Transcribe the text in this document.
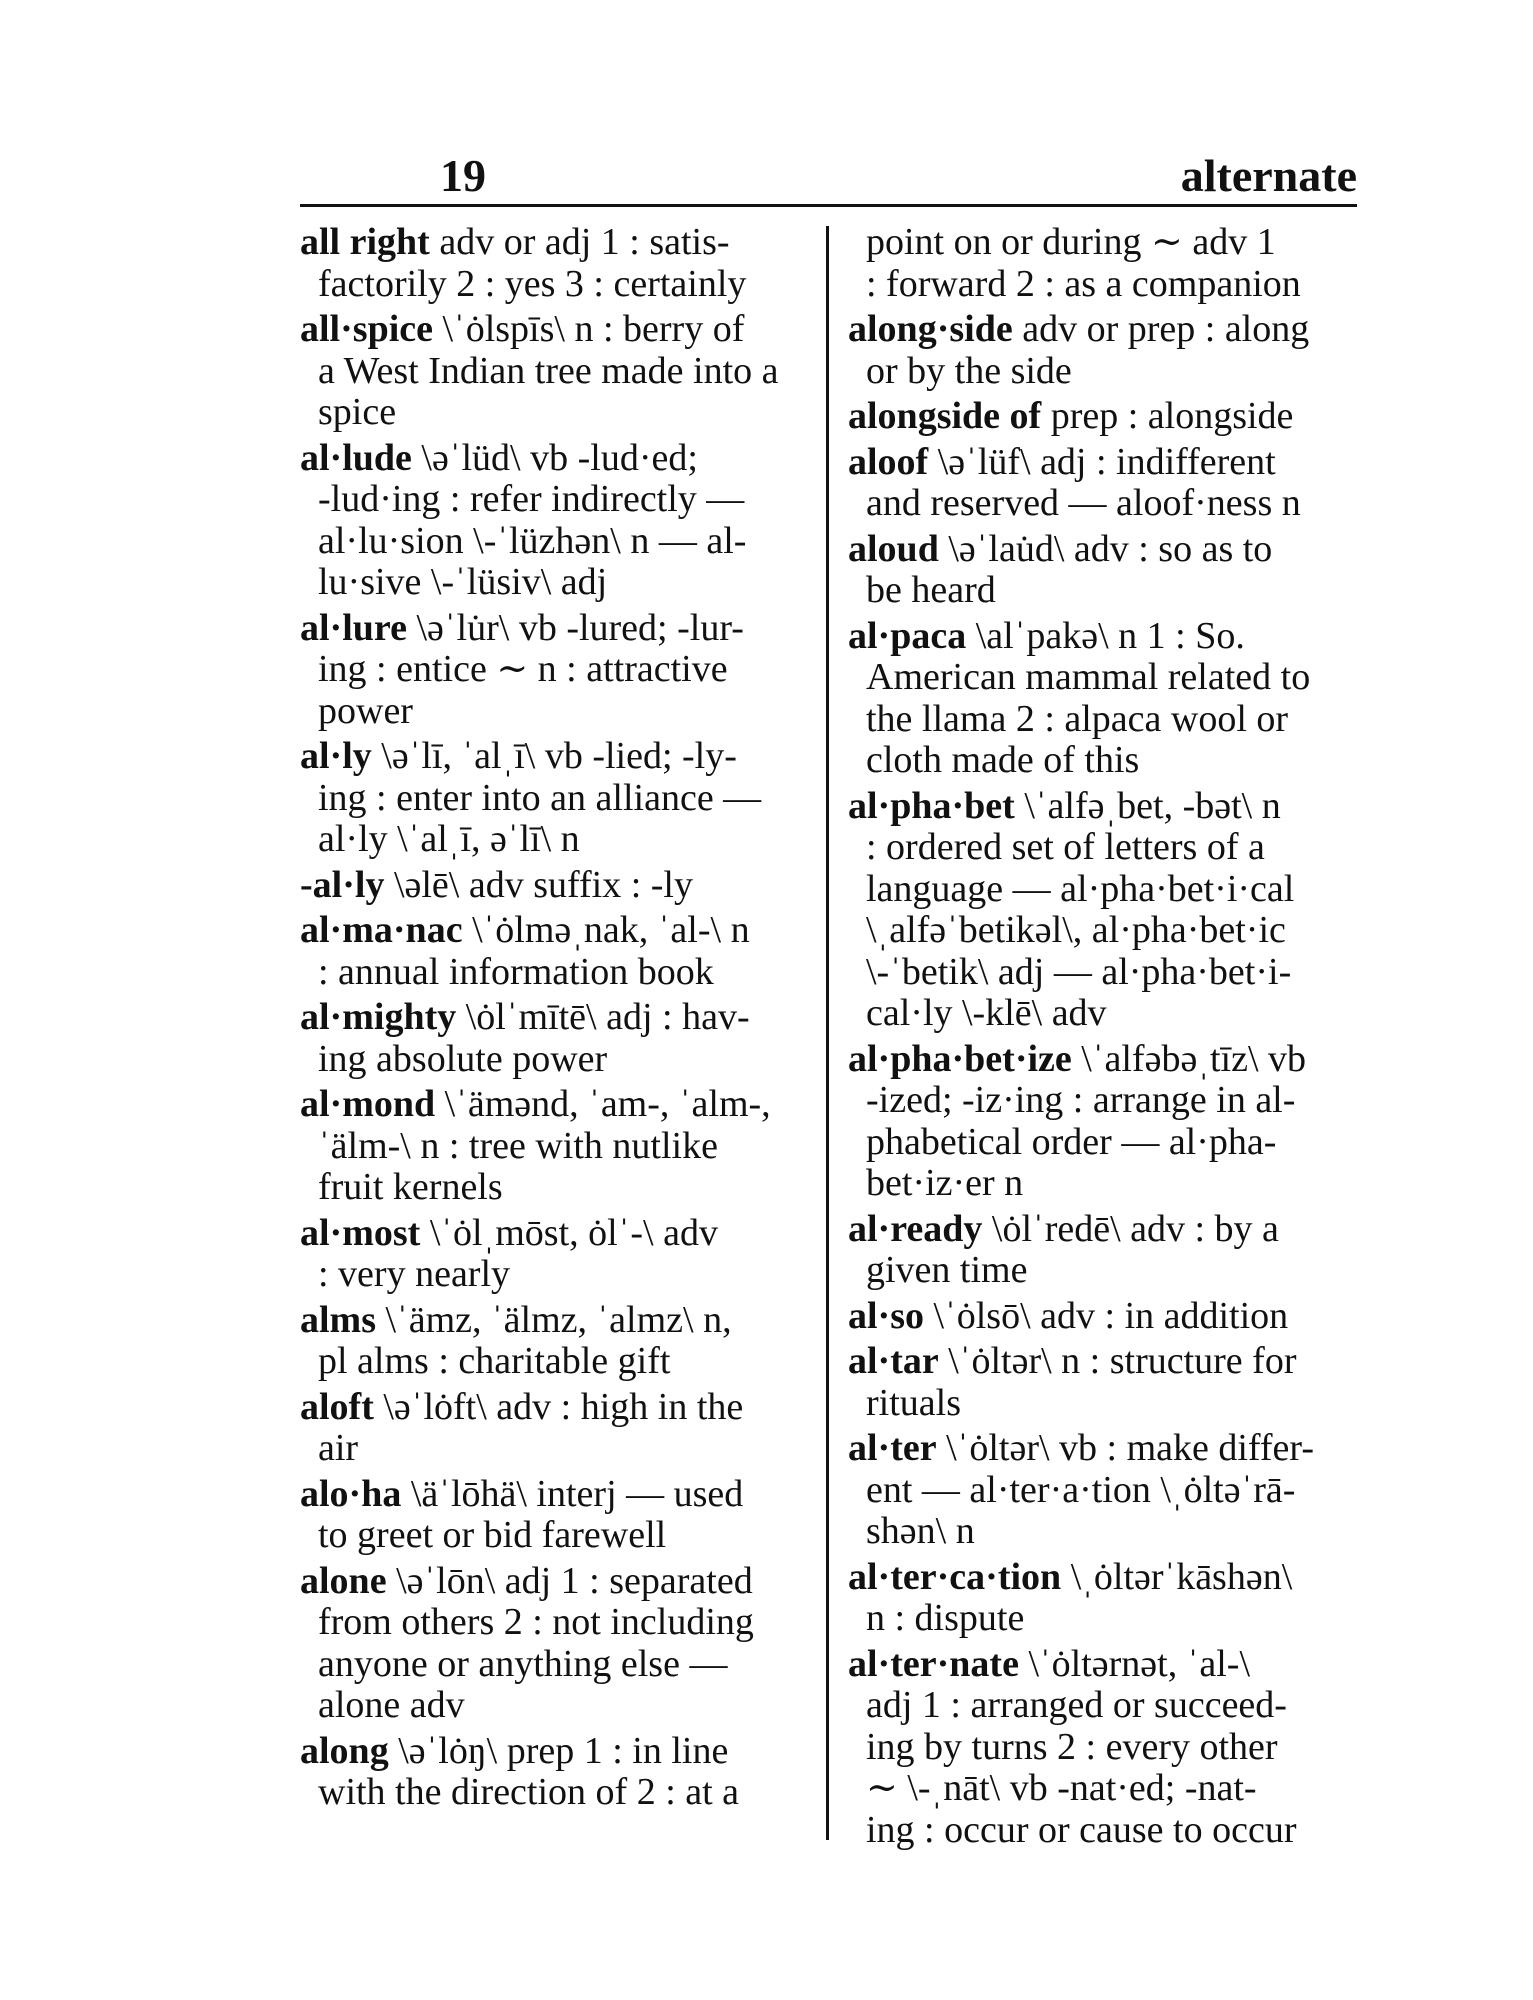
19	alternate
all right adv or adj 1 : satis-
factorily 2 : yes 3 : certainly
all·spice \ˈȯlspīs\ n : berry of
a West Indian tree made into a
spice
al·lude \əˈlüd\ vb -lud·ed;
-lud·ing : refer indirectly —
al·lu·sion \-ˈlüzhən\ n — al-
lu·sive \-ˈlüsiv\ adj
al·lure \əˈlu̇r\ vb -lured; -lur-
ing : entice ∼ n : attractive
power
al·ly \əˈlī, ˈalˌī\ vb -lied; -ly-
ing : enter into an alliance —
al·ly \ˈalˌī, əˈlī\ n
-al·ly \əlē\ adv suffix : -ly
al·ma·nac \ˈȯlməˌnak, ˈal-\ n
: annual information book
al·mighty \ȯlˈmītē\ adj : hav-
ing absolute power
al·mond \ˈämənd, ˈam-, ˈalm-,
ˈälm-\ n : tree with nutlike
fruit kernels
al·most \ˈȯlˌmōst, ȯlˈ-\ adv
: very nearly
alms \ˈämz, ˈälmz, ˈalmz\ n,
pl alms : charitable gift
aloft \əˈlȯft\ adv : high in the
air
alo·ha \äˈlōhä\ interj — used
to greet or bid farewell
alone \əˈlōn\ adj 1 : separated
from others 2 : not including
anyone or anything else —
alone adv
along \əˈlȯŋ\ prep 1 : in line
with the direction of 2 : at a
point on or during ∼ adv 1
: forward 2 : as a companion
along·side adv or prep : along
or by the side
alongside of prep : alongside
aloof \əˈlüf\ adj : indifferent
and reserved — aloof·ness n
aloud \əˈlau̇d\ adv : so as to
be heard
al·paca \alˈpakə\ n 1 : So.
American mammal related to
the llama 2 : alpaca wool or
cloth made of this
al·pha·bet \ˈalfəˌbet, -bət\ n
: ordered set of letters of a
language — al·pha·bet·i·cal
\ˌalfəˈbetikəl\, al·pha·bet·ic
\-ˈbetik\ adj — al·pha·bet·i-
cal·ly \-klē\ adv
al·pha·bet·ize \ˈalfəbəˌtīz\ vb
-ized; -iz·ing : arrange in al-
phabetical order — al·pha-
bet·iz·er n
al·ready \ȯlˈredē\ adv : by a
given time
al·so \ˈȯlsō\ adv : in addition
al·tar \ˈȯltər\ n : structure for
rituals
al·ter \ˈȯltər\ vb : make differ-
ent — al·ter·a·tion \ˌȯltəˈrā-
shən\ n
al·ter·ca·tion \ˌȯltərˈkāshən\
n : dispute
al·ter·nate \ˈȯltərnət, ˈal-\
adj 1 : arranged or succeed-
ing by turns 2 : every other
∼ \-ˌnāt\ vb -nat·ed; -nat-
ing : occur or cause to occur
